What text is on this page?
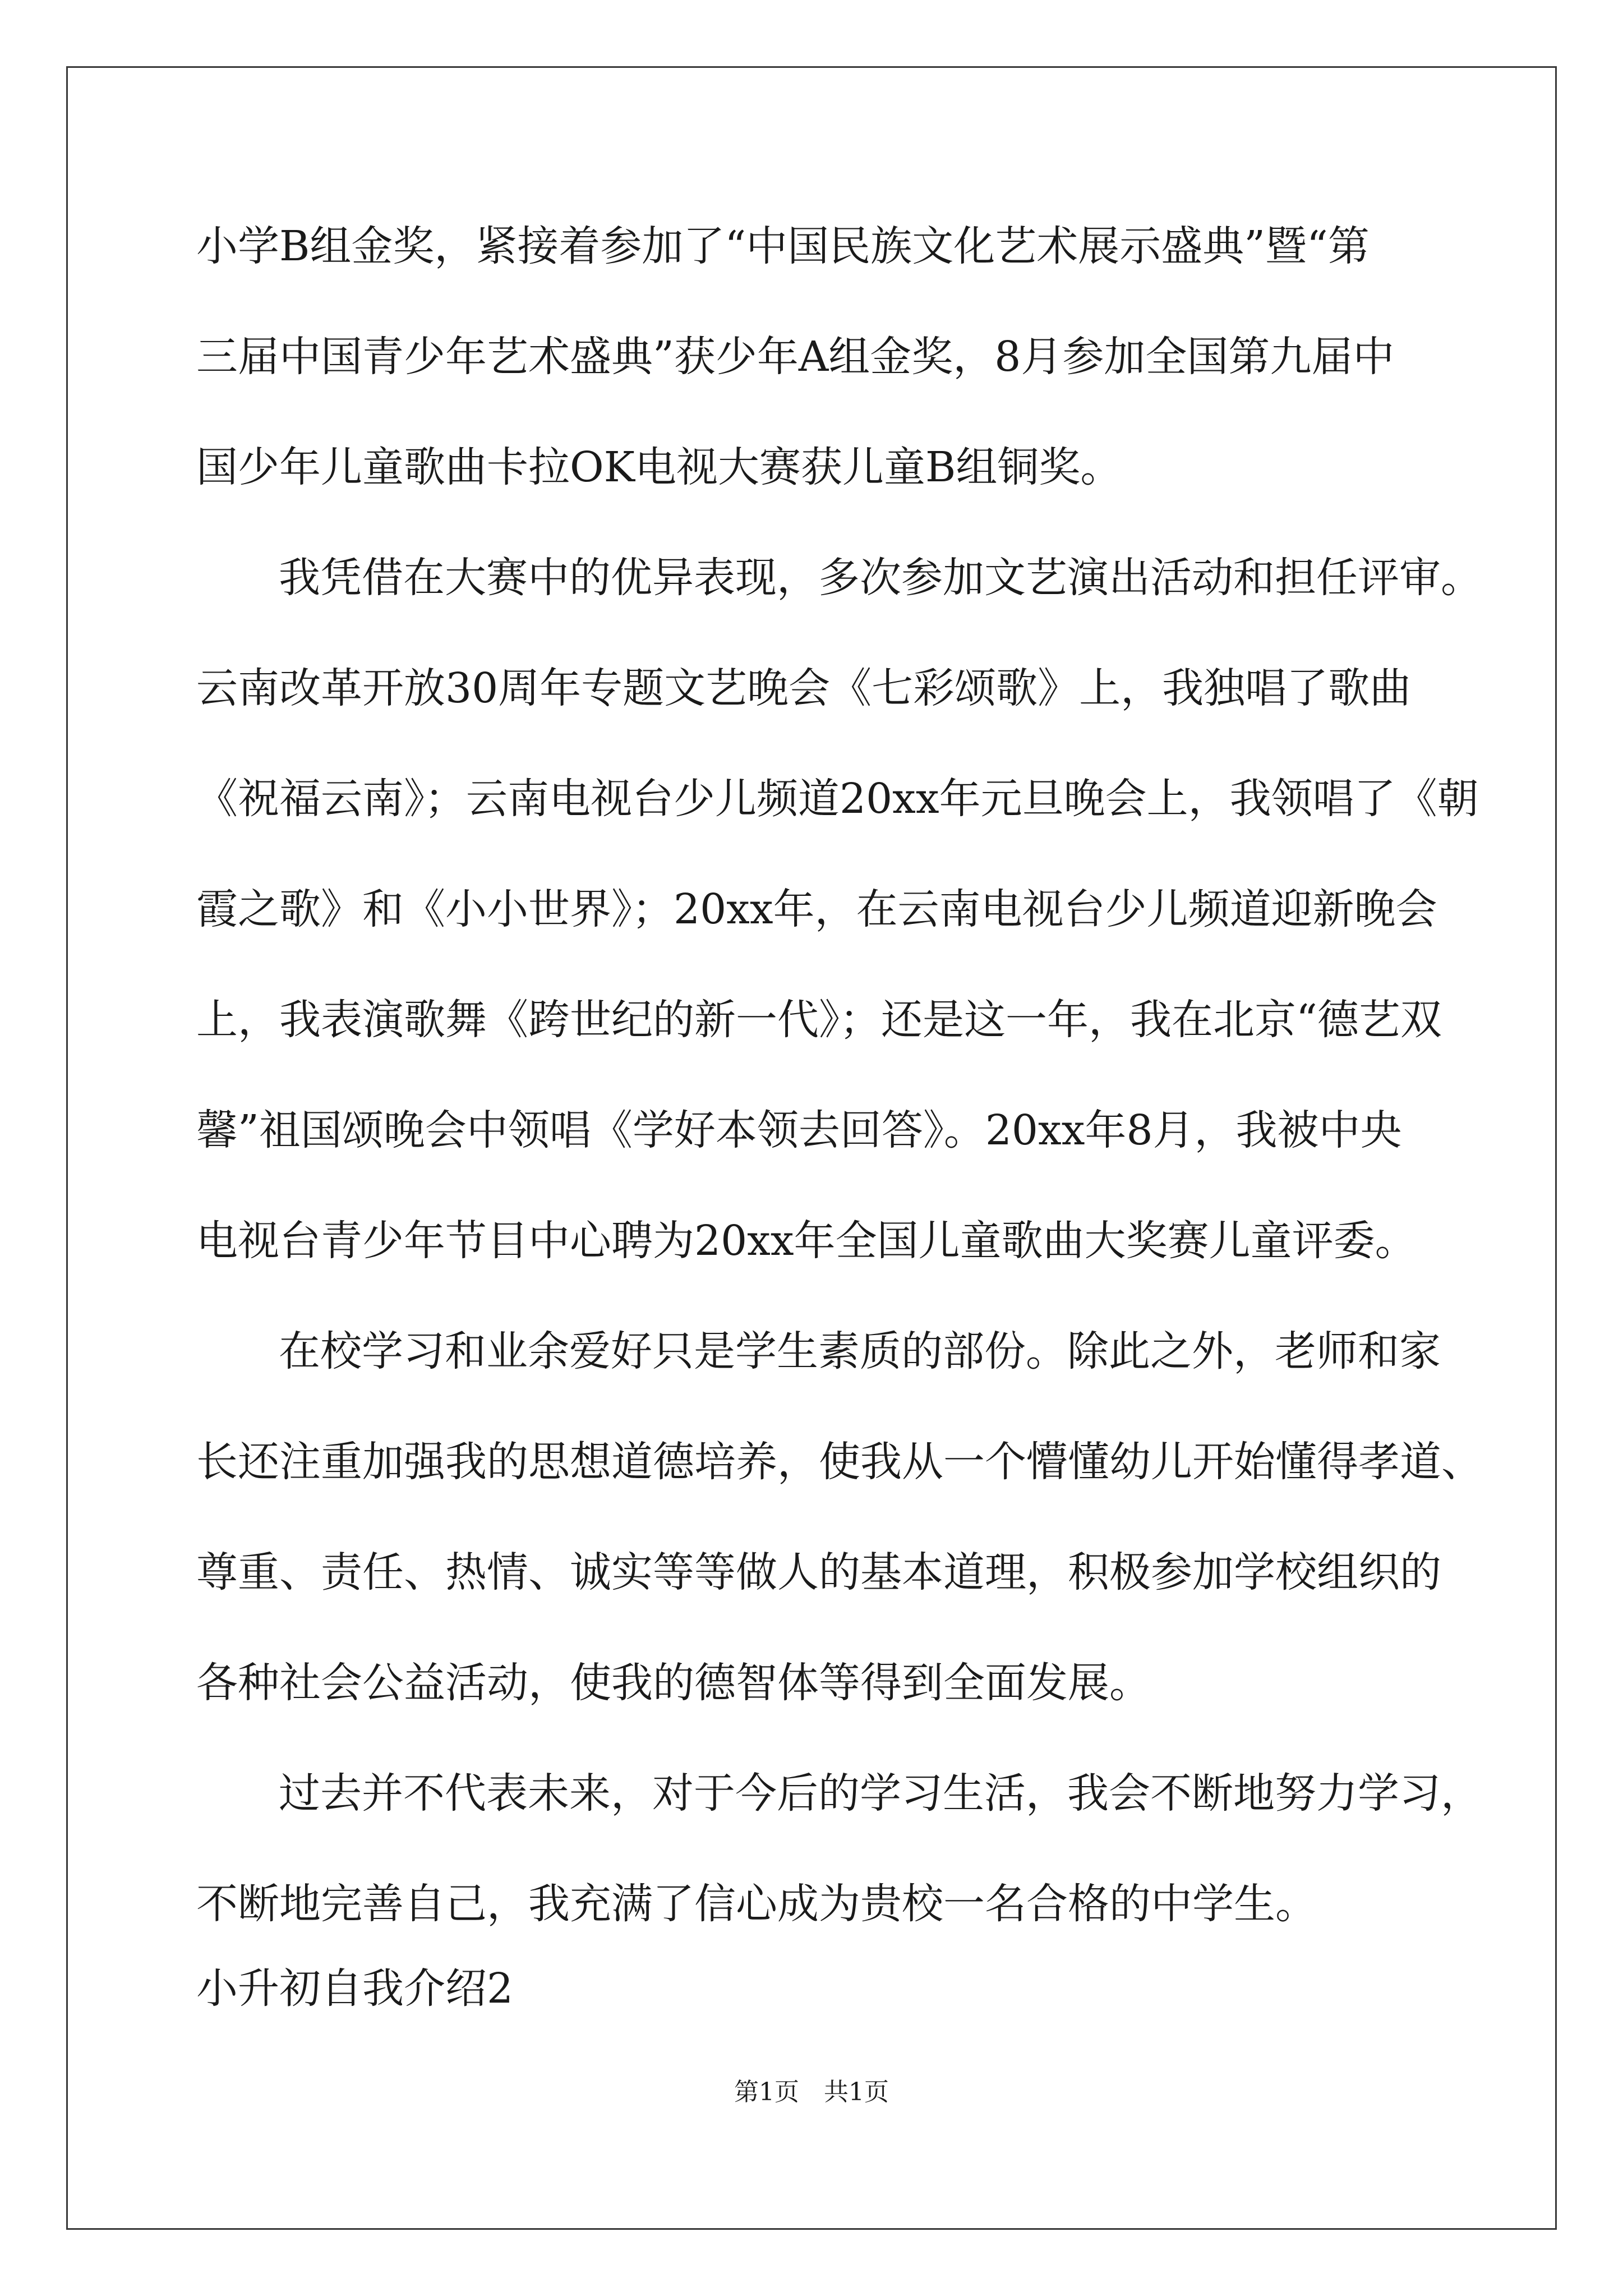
小学B组金奖，紧接着参加了“中国民族文化艺术展示盛典”暨“第

三届中国青少年艺术盛典”获少年A组金奖，8月参加全国第九届中

国少年儿童歌曲卡拉OK电视大赛获儿童B组铜奖。

我凭借在大赛中的优异表现，多次参加文艺演出活动和担任评审。

云南改革开放30周年专题文艺晚会《七彩颂歌》上，我独唱了歌曲

《祝福云南》；云南电视台少儿频道20xx年元旦晚会上，我领唱了《朝

霞之歌》和《小小世界》；20xx年，在云南电视台少儿频道迎新晚会

上，我表演歌舞《跨世纪的新一代》；还是这一年，我在北京“德艺双

馨”祖国颂晚会中领唱《学好本领去回答》。20xx年8月，我被中央

电视台青少年节目中心聘为20xx年全国儿童歌曲大奖赛儿童评委。

在校学习和业余爱好只是学生素质的部份。除此之外，老师和家

长还注重加强我的思想道德培养，使我从一个懵懂幼儿开始懂得孝道、

尊重、责任、热情、诚实等等做人的基本道理，积极参加学校组织的

各种社会公益活动，使我的德智体等得到全面发展。

过去并不代表未来，对于今后的学习生活，我会不断地努力学习，

不断地完善自己，我充满了信心成为贵校一名合格的中学生。

小升初自我介绍2

第1页　共1页
